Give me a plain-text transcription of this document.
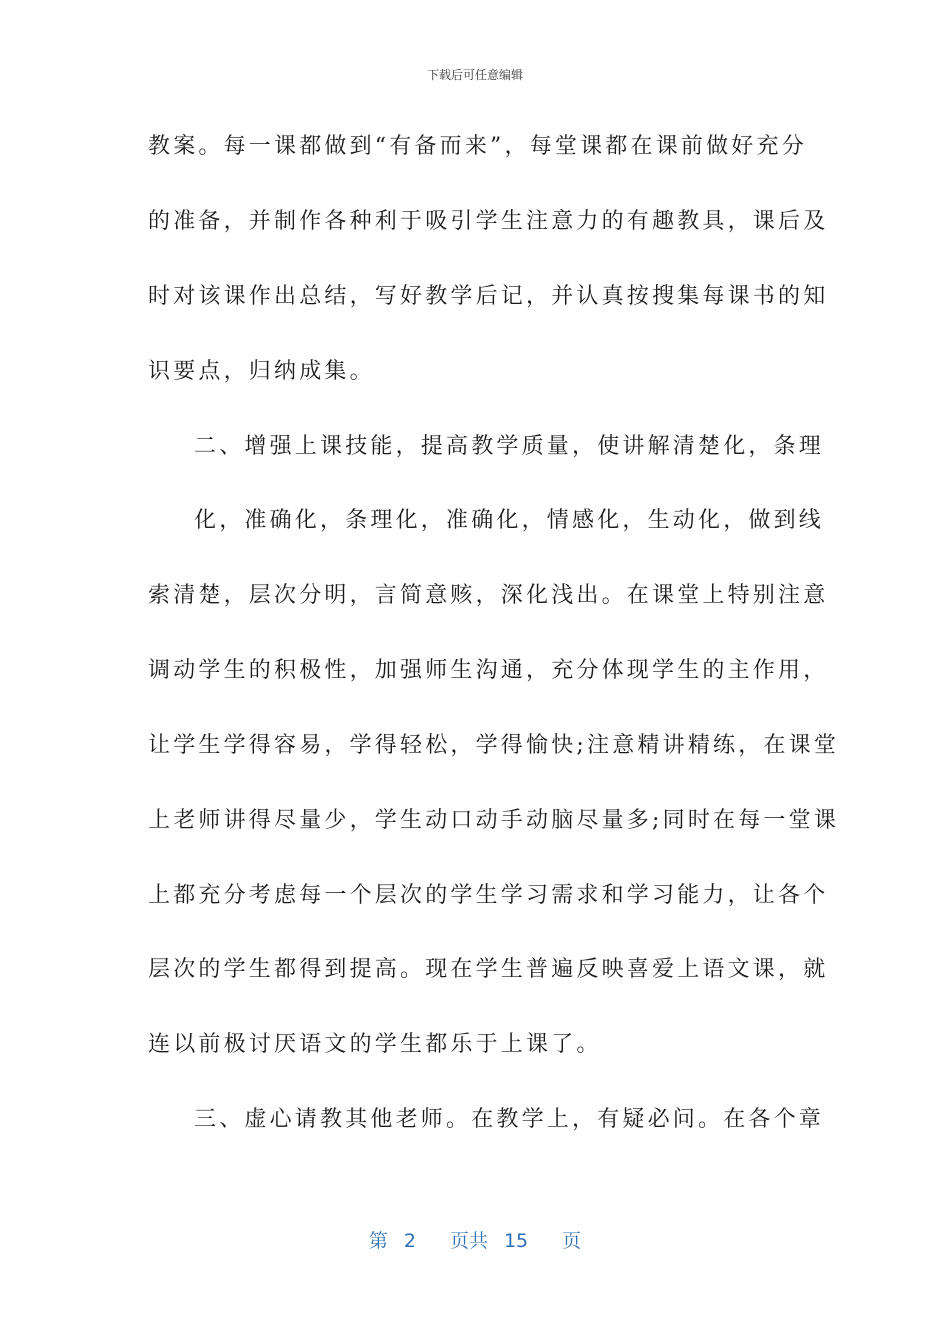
下载后可任意编辑
教案。每一课都做到“有备而来”，每堂课都在课前做好充分
的准备，并制作各种利于吸引学生注意力的有趣教具，课后及
时对该课作出总结，写好教学后记，并认真按搜集每课书的知
识要点，归纳成集。
二、增强上课技能，提高教学质量，使讲解清楚化，条理
化，准确化，条理化，准确化，情感化，生动化，做到线
索清楚，层次分明，言简意赅，深化浅出。在课堂上特别注意
调动学生的积极性，加强师生沟通，充分体现学生的主作用，
让学生学得容易，学得轻松，学得愉快;注意精讲精练，在课堂
上老师讲得尽量少，学生动口动手动脑尽量多;同时在每一堂课
上都充分考虑每一个层次的学生学习需求和学习能力，让各个
层次的学生都得到提高。现在学生普遍反映喜爱上语文课，就
连以前极讨厌语文的学生都乐于上课了。
三、虚心请教其他老师。在教学上，有疑必问。在各个章
第 2 页共 15 页
